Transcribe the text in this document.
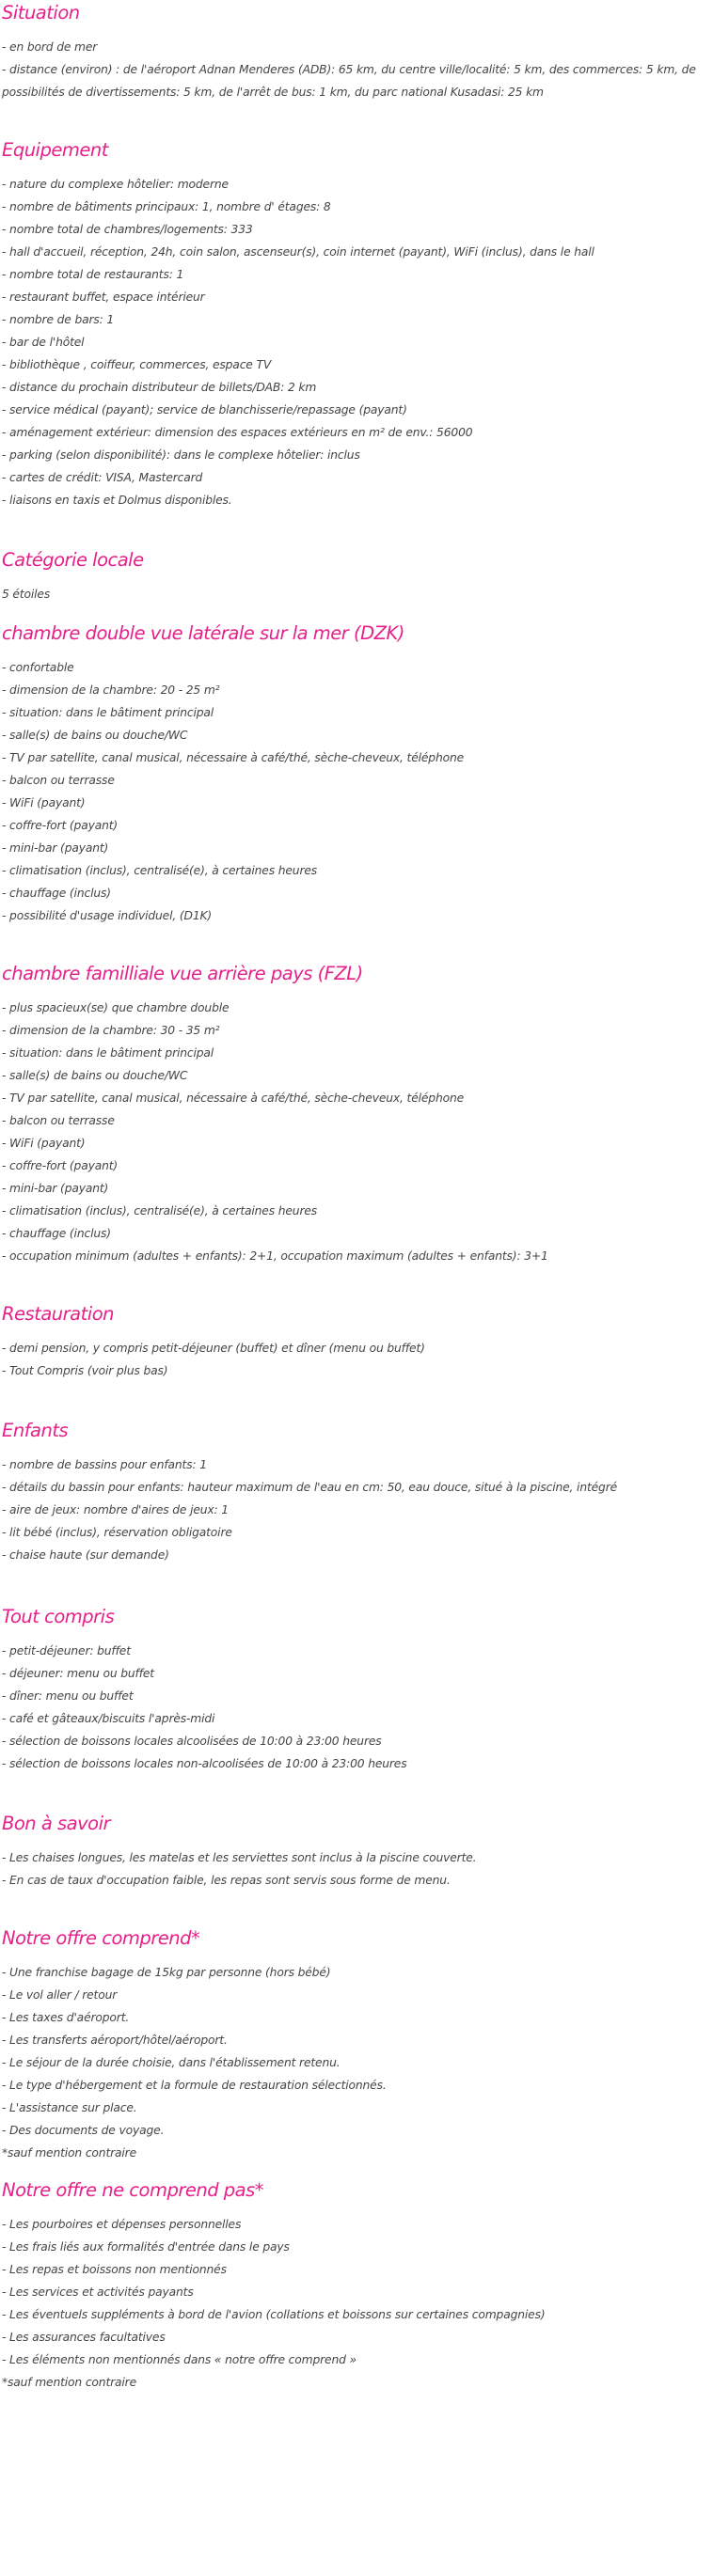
Situation
- en bord de mer
- distance (environ) : de l'aéroport Adnan Menderes (ADB): 65 km, du centre ville/localité: 5 km, des commerces: 5 km, de possibilités de divertissements: 5 km, de l'arrêt de bus: 1 km, du parc national Kusadasi: 25 km
Equipement
- nature du complexe hôtelier: moderne
- nombre de bâtiments principaux: 1, nombre d' étages: 8
- nombre total de chambres/logements: 333
- hall d'accueil, réception, 24h, coin salon, ascenseur(s), coin internet (payant), WiFi (inclus), dans le hall
- nombre total de restaurants: 1
- restaurant buffet, espace intérieur
- nombre de bars: 1
- bar de l'hôtel
- bibliothèque , coiffeur, commerces, espace TV
- distance du prochain distributeur de billets/DAB: 2 km
- service médical (payant); service de blanchisserie/repassage (payant)
- aménagement extérieur: dimension des espaces extérieurs en m² de env.: 56000
- parking (selon disponibilité): dans le complexe hôtelier: inclus
- cartes de crédit: VISA, Mastercard
- liaisons en taxis et Dolmus disponibles.
Catégorie locale
5 étoiles
chambre double vue latérale sur la mer (DZK)
- confortable
- dimension de la chambre: 20 - 25 m²
- situation: dans le bâtiment principal
- salle(s) de bains ou douche/WC
- TV par satellite, canal musical, nécessaire à café/thé, sèche-cheveux, téléphone
- balcon ou terrasse
- WiFi (payant)
- coffre-fort (payant)
- mini-bar (payant)
- climatisation (inclus), centralisé(e), à certaines heures
- chauffage (inclus)
- possibilité d'usage individuel, (D1K)
chambre familliale vue arrière pays (FZL)
- plus spacieux(se) que chambre double
- dimension de la chambre: 30 - 35 m²
- situation: dans le bâtiment principal
- salle(s) de bains ou douche/WC
- TV par satellite, canal musical, nécessaire à café/thé, sèche-cheveux, téléphone
- balcon ou terrasse
- WiFi (payant)
- coffre-fort (payant)
- mini-bar (payant)
- climatisation (inclus), centralisé(e), à certaines heures
- chauffage (inclus)
- occupation minimum (adultes + enfants): 2+1, occupation maximum (adultes + enfants): 3+1
Restauration
- demi pension, y compris petit-déjeuner (buffet) et dîner (menu ou buffet)
- Tout Compris (voir plus bas)
Enfants
- nombre de bassins pour enfants: 1
- détails du bassin pour enfants: hauteur maximum de l'eau en cm: 50, eau douce, situé à la piscine, intégré
- aire de jeux: nombre d'aires de jeux: 1
- lit bébé (inclus), réservation obligatoire
- chaise haute (sur demande)
Tout compris
- petit-déjeuner: buffet
- déjeuner: menu ou buffet
- dîner: menu ou buffet
- café et gâteaux/biscuits l'après-midi
- sélection de boissons locales alcoolisées de 10:00 à 23:00 heures
- sélection de boissons locales non-alcoolisées de 10:00 à 23:00 heures
Bon à savoir
- Les chaises longues, les matelas et les serviettes sont inclus à la piscine couverte.
- En cas de taux d'occupation faible, les repas sont servis sous forme de menu.
Notre offre comprend*
- Une franchise bagage de 15kg par personne (hors bébé)
- Le vol aller / retour
- Les taxes d'aéroport.
- Les transferts aéroport/hôtel/aéroport.
- Le séjour de la durée choisie, dans l'établissement retenu.
- Le type d'hébergement et la formule de restauration sélectionnés.
- L'assistance sur place.
- Des documents de voyage.
*sauf mention contraire
Notre offre ne comprend pas*
- Les pourboires et dépenses personnelles
- Les frais liés aux formalités d'entrée dans le pays
- Les repas et boissons non mentionnés
- Les services et activités payants
- Les éventuels suppléments à bord de l'avion (collations et boissons sur certaines compagnies)
- Les assurances facultatives
- Les éléments non mentionnés dans « notre offre comprend »
*sauf mention contraire
